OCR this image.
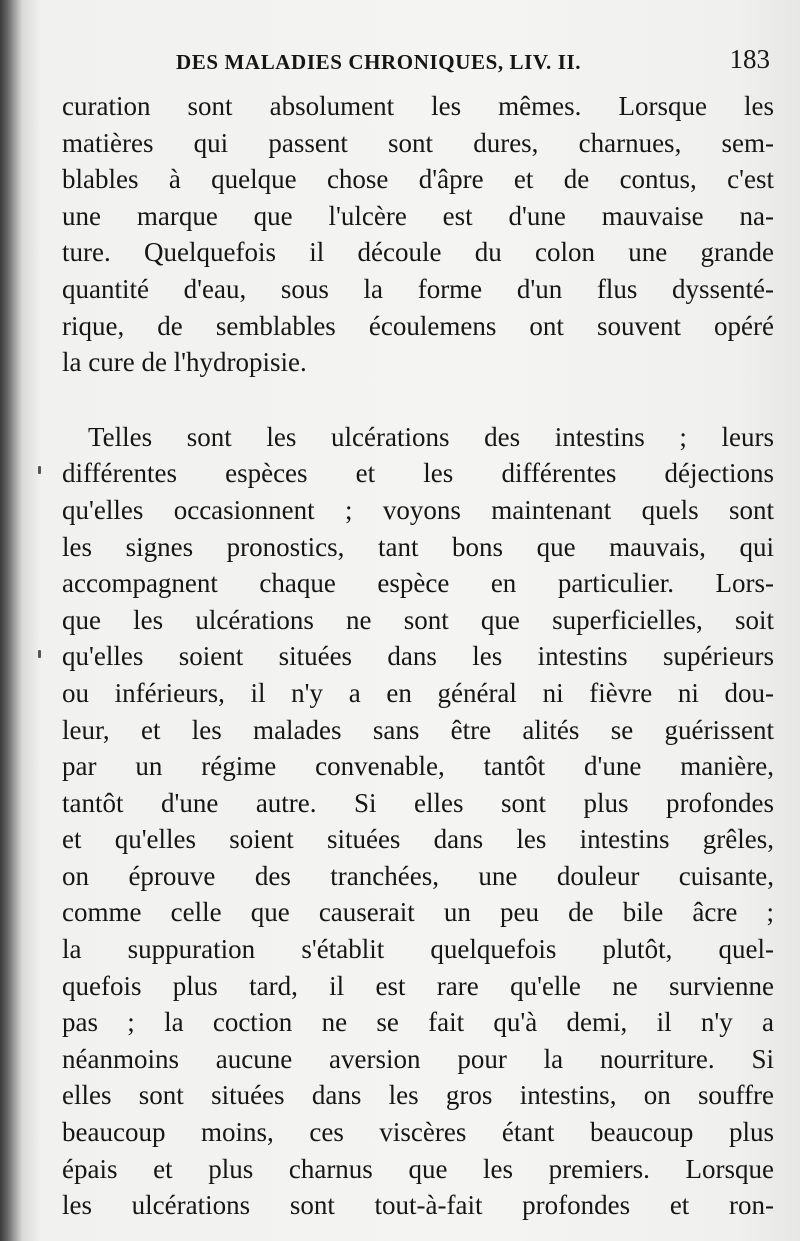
DES MALADIES CHRONIQUES, LIV. II.	183
curation sont absolument les mêmes. Lorsque les
matières qui passent sont dures, charnues, sem-
blables à quelque chose d'âpre et de contus, c'est
une marque que l'ulcère est d'une mauvaise na-
ture. Quelquefois il découle du colon une grande
quantité d'eau, sous la forme d'un flus dyssenté-
rique, de semblables écoulemens ont souvent opéré
la cure de l'hydropisie.
Telles sont les ulcérations des intestins ; leurs
différentes espèces et les différentes déjections
qu'elles occasionnent ; voyons maintenant quels sont
les signes pronostics, tant bons que mauvais, qui
accompagnent chaque espèce en particulier. Lors-
que les ulcérations ne sont que superficielles, soit
qu'elles soient situées dans les intestins supérieurs
ou inférieurs, il n'y a en général ni fièvre ni dou-
leur, et les malades sans être alités se guérissent
par un régime convenable, tantôt d'une manière,
tantôt d'une autre. Si elles sont plus profondes
et qu'elles soient situées dans les intestins grêles,
on éprouve des tranchées, une douleur cuisante,
comme celle que causerait un peu de bile âcre ;
la suppuration s'établit quelquefois plutôt, quel-
quefois plus tard, il est rare qu'elle ne survienne
pas ; la coction ne se fait qu'à demi, il n'y a
néanmoins aucune aversion pour la nourriture. Si
elles sont situées dans les gros intestins, on souffre
beaucoup moins, ces viscères étant beaucoup plus
épais et plus charnus que les premiers. Lorsque
les ulcérations sont tout-à-fait profondes et ron-
